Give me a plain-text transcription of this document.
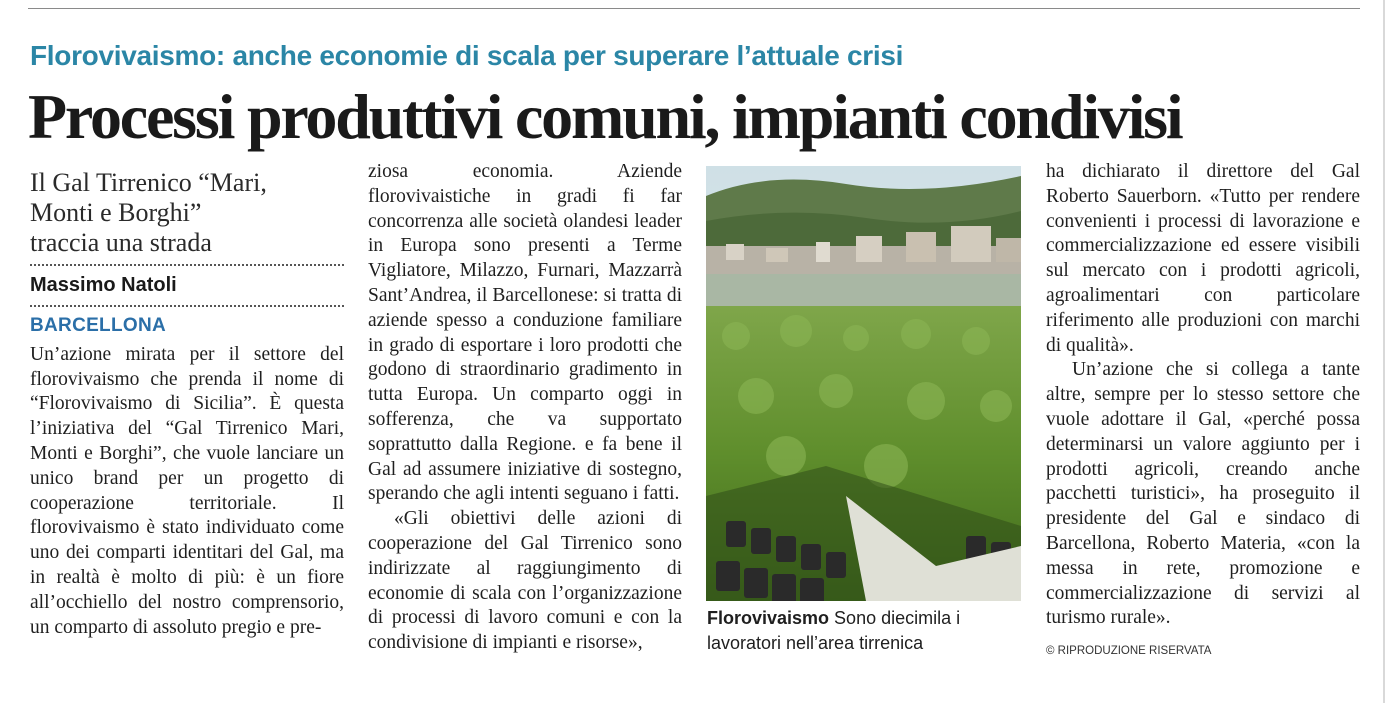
Florovivaismo: anche economie di scala per superare l’attuale crisi
Processi produttivi comuni, impianti condivisi

Il Gal Tirrenico “Mari,
Monti e Borghi”
traccia una strada

Massimo Natoli
BARCELLONA

Un’azione mirata per il settore del florovivaismo che prenda il nome di “Florovivaismo di Sicilia”. È questa l’iniziativa del “Gal Tirrenico Mari, Monti e Borghi”, che vuole lanciare un unico brand per un progetto di cooperazione territoriale. Il florovivaismo è stato individuato come uno dei comparti identitari del Gal, ma in realtà è molto di più: è un fiore all’occhiello del nostro comprensorio, un comparto di assoluto pregio e pre-

ziosa economia. Aziende florovivaistiche in gradi fi far concorrenza alle società olandesi leader in Europa sono presenti a Terme Vigliatore, Milazzo, Furnari, Mazzarrà Sant’Andrea, il Barcellonese: si tratta di aziende spesso a conduzione familiare in grado di esportare i loro prodotti che godono di straordinario gradimento in tutta Europa. Un comparto oggi in sofferenza, che va supportato soprattutto dalla Regione. e fa bene il Gal ad assumere iniziative di sostegno, sperando che agli intenti seguano i fatti.

«Gli obiettivi delle azioni di cooperazione del Gal Tirrenico sono indirizzate al raggiungimento di economie di scala con l’organizzazione di processi di lavoro comuni e con la condivisione di impianti e risorse»,

Florovivaismo Sono diecimila i lavoratori nell’area tirrenica

ha dichiarato il direttore del Gal Roberto Sauerborn. «Tutto per rendere convenienti i processi di lavorazione e commercializzazione ed essere visibili sul mercato con i prodotti agricoli, agroalimentari con particolare riferimento alle produzioni con marchi di qualità».

Un’azione che si collega a tante altre, sempre per lo stesso settore che vuole adottare il Gal, «perché possa determinarsi un valore aggiunto per i prodotti agricoli, creando anche pacchetti turistici», ha proseguito il presidente del Gal e sindaco di Barcellona, Roberto Materia, «con la messa in rete, promozione e commercializzazione di servizi al turismo rurale».

© RIPRODUZIONE RISERVATA
